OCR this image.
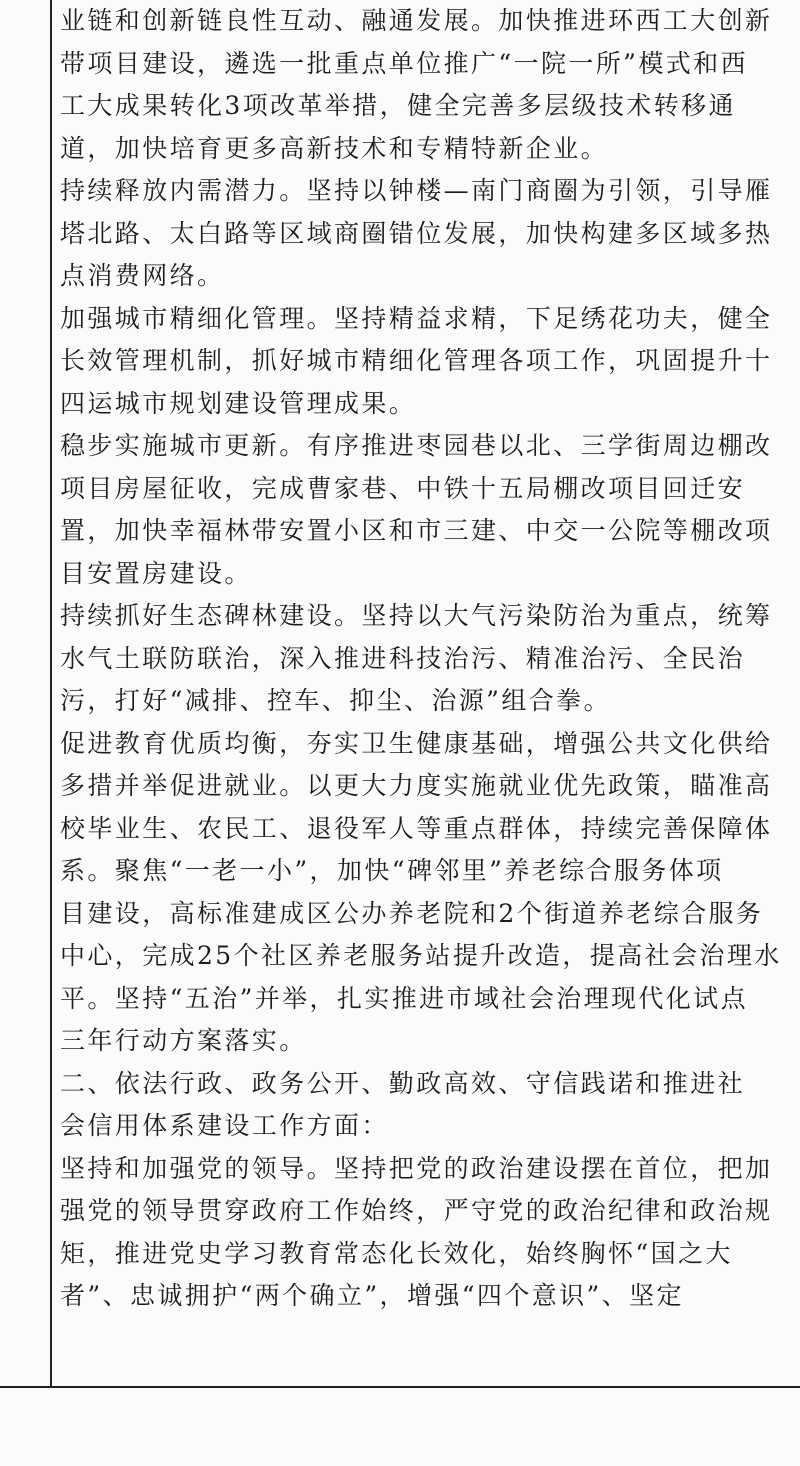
业链和创新链良性互动、融通发展。加快推进环西工大创新
带项目建设，遴选一批重点单位推广“一院一所”模式和西
工大成果转化3项改革举措，健全完善多层级技术转移通
道，加快培育更多高新技术和专精特新企业。
持续释放内需潜力。坚持以钟楼—南门商圈为引领，引导雁
塔北路、太白路等区域商圈错位发展，加快构建多区域多热
点消费网络。
加强城市精细化管理。坚持精益求精，下足绣花功夫，健全
长效管理机制，抓好城市精细化管理各项工作，巩固提升十
四运城市规划建设管理成果。
稳步实施城市更新。有序推进枣园巷以北、三学街周边棚改
项目房屋征收，完成曹家巷、中铁十五局棚改项目回迁安
置，加快幸福林带安置小区和市三建、中交一公院等棚改项
目安置房建设。
持续抓好生态碑林建设。坚持以大气污染防治为重点，统筹
水气土联防联治，深入推进科技治污、精准治污、全民治
污，打好“减排、控车、抑尘、治源”组合拳。
促进教育优质均衡，夯实卫生健康基础，增强公共文化供给
多措并举促进就业。以更大力度实施就业优先政策，瞄准高
校毕业生、农民工、退役军人等重点群体，持续完善保障体
系。聚焦“一老一小”，加快“碑邻里”养老综合服务体项
目建设，高标准建成区公办养老院和2个街道养老综合服务
中心，完成25个社区养老服务站提升改造，提高社会治理水
平。坚持“五治”并举，扎实推进市域社会治理现代化试点
三年行动方案落实。
二、依法行政、政务公开、勤政高效、守信践诺和推进社
会信用体系建设工作方面：
坚持和加强党的领导。坚持把党的政治建设摆在首位，把加
强党的领导贯穿政府工作始终，严守党的政治纪律和政治规
矩，推进党史学习教育常态化长效化，始终胸怀“国之大
者”、忠诚拥护“两个确立”，增强“四个意识”、坚定
